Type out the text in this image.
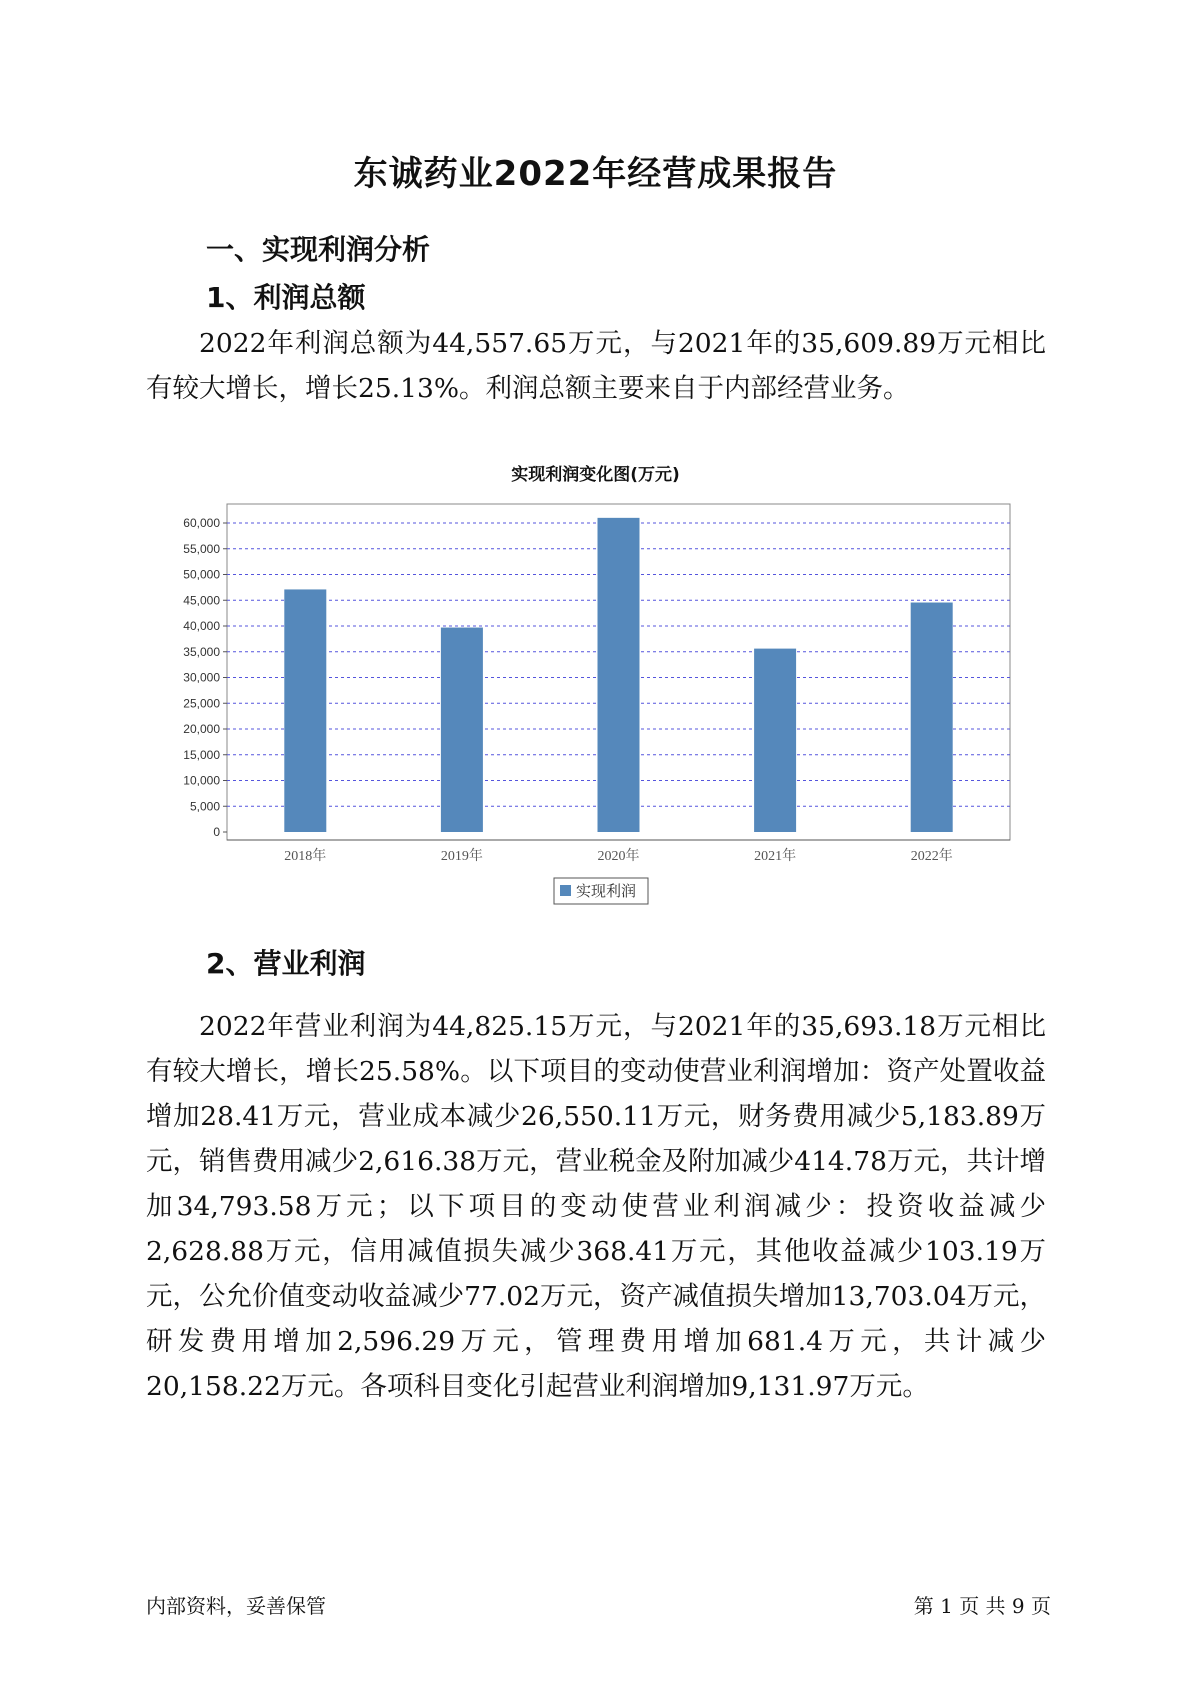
东诚药业2022年经营成果报告
一、实现利润分析
1、利润总额

2022年利润总额为44,557.65万元，与2021年的35,609.89万元相比有较大增长，增长25.13%。利润总额主要来自于内部经营业务。

实现利润变化图(万元)
0
5,000
10,000
15,000
20,000
25,000
30,000
35,000
40,000
45,000
50,000
55,000
60,000
2018年	2019年	2020年	2021年	2022年
实现利润
2、营业利润

2022年营业利润为44,825.15万元，与2021年的35,693.18万元相比有较大增长，增长25.58%。以下项目的变动使营业利润增加：资产处置收益增加28.41万元，营业成本减少26,550.11万元，财务费用减少5,183.89万元，销售费用减少2,616.38万元，营业税金及附加减少414.78万元，共计增加34,793.58万元；以下项目的变动使营业利润减少：投资收益减少2,628.88万元，信用减值损失减少368.41万元，其他收益减少103.19万元，公允价值变动收益减少77.02万元，资产减值损失增加13,703.04万元，研发费用增加2,596.29万元，管理费用增加681.4万元，共计减少20,158.22万元。各项科目变化引起营业利润增加9,131.97万元。

内部资料，妥善保管	第 1 页 共 9 页
